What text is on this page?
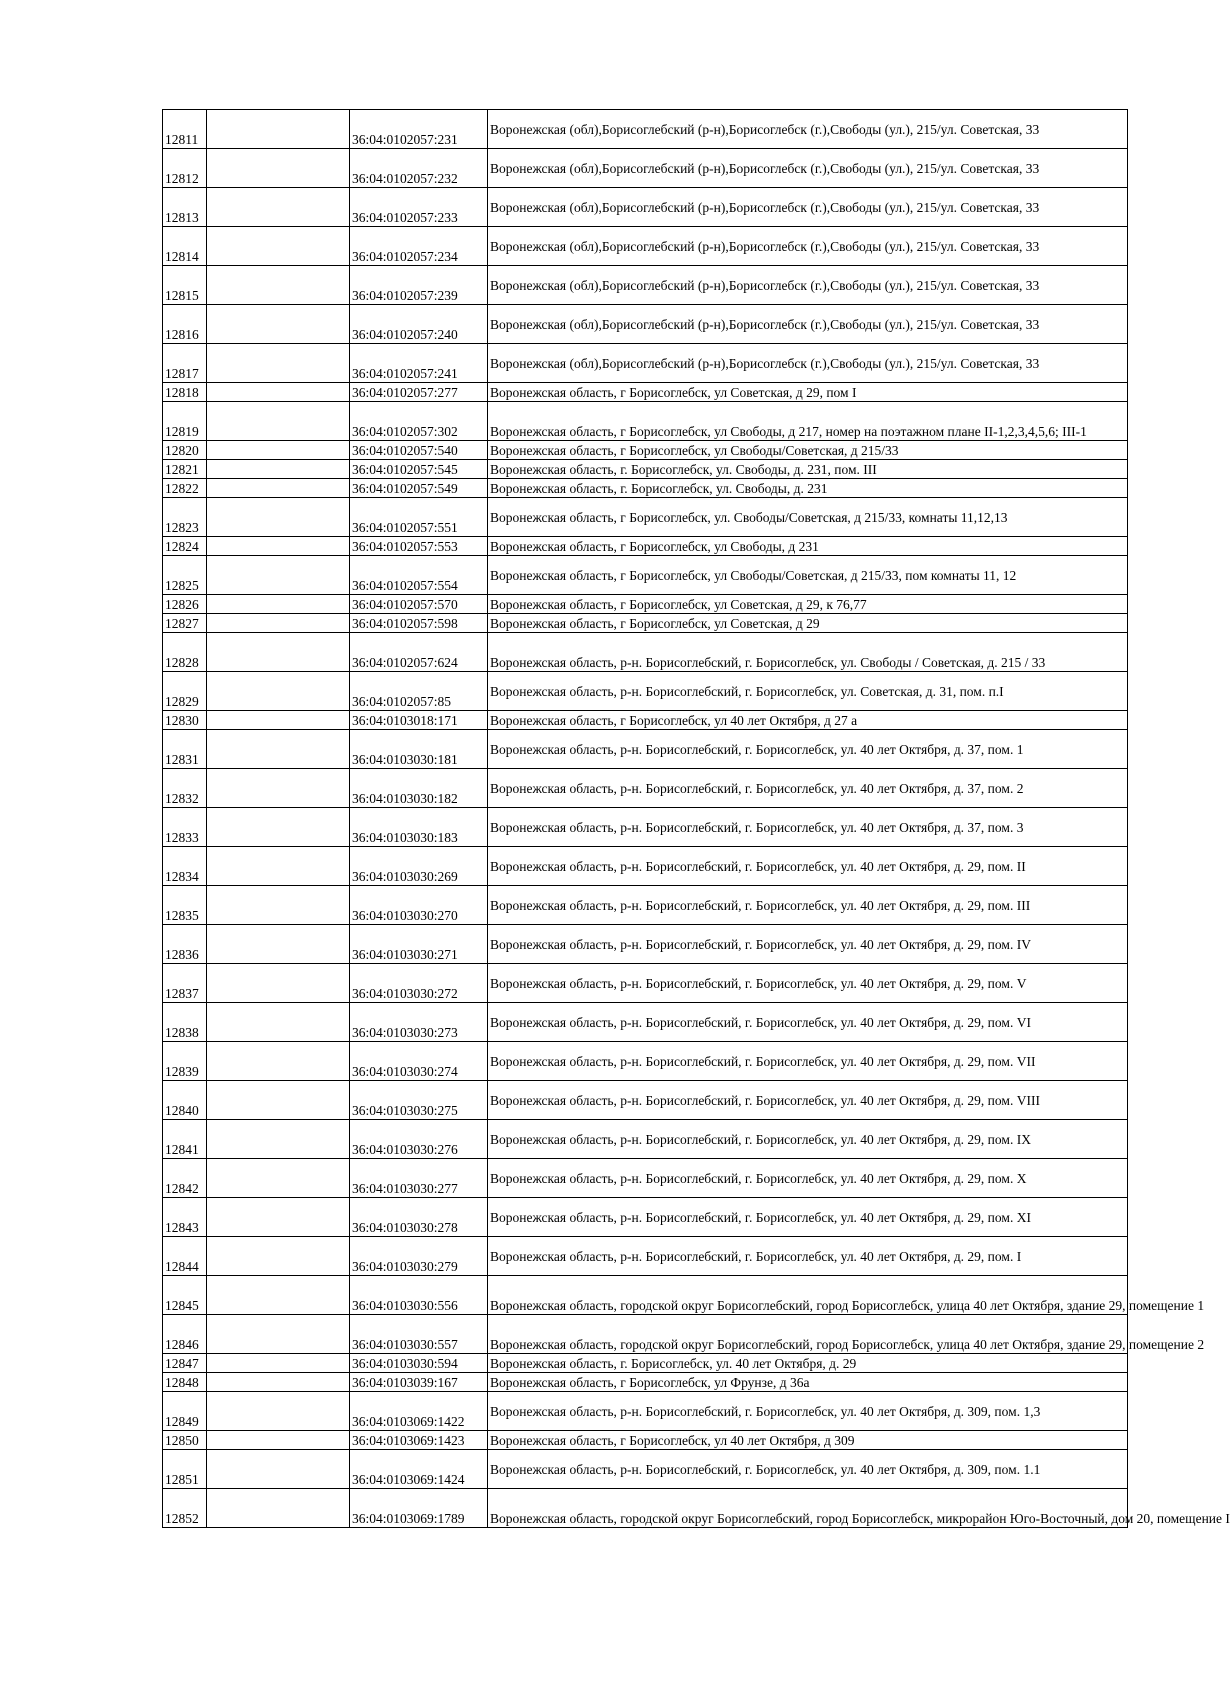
12811		36:04:0102057:231	Воронежская (обл),Борисоглебский (р-н),Борисоглебск (г.),Свободы (ул.), 215/ул. Советская, 33
12812		36:04:0102057:232	Воронежская (обл),Борисоглебский (р-н),Борисоглебск (г.),Свободы (ул.), 215/ул. Советская, 33
12813		36:04:0102057:233	Воронежская (обл),Борисоглебский (р-н),Борисоглебск (г.),Свободы (ул.), 215/ул. Советская, 33
12814		36:04:0102057:234	Воронежская (обл),Борисоглебский (р-н),Борисоглебск (г.),Свободы (ул.), 215/ул. Советская, 33
12815		36:04:0102057:239	Воронежская (обл),Борисоглебский (р-н),Борисоглебск (г.),Свободы (ул.), 215/ул. Советская, 33
12816		36:04:0102057:240	Воронежская (обл),Борисоглебский (р-н),Борисоглебск (г.),Свободы (ул.), 215/ул. Советская, 33
12817		36:04:0102057:241	Воронежская (обл),Борисоглебский (р-н),Борисоглебск (г.),Свободы (ул.), 215/ул. Советская, 33
12818		36:04:0102057:277	Воронежская область, г Борисоглебск, ул Советская, д 29, пом I
12819		36:04:0102057:302	Воронежская область, г Борисоглебск, ул Свободы, д 217, номер на поэтажном плане II-1,2,3,4,5,6; III-1
12820		36:04:0102057:540	Воронежская область, г Борисоглебск, ул Свободы/Советская, д 215/33
12821		36:04:0102057:545	Воронежская область, г. Борисоглебск, ул. Свободы, д. 231, пом. III
12822		36:04:0102057:549	Воронежская область, г. Борисоглебск, ул. Свободы, д. 231
12823		36:04:0102057:551	Воронежская область, г Борисоглебск, ул. Свободы/Советская, д 215/33, комнаты 11,12,13
12824		36:04:0102057:553	Воронежская область, г Борисоглебск, ул Свободы, д 231
12825		36:04:0102057:554	Воронежская область, г Борисоглебск, ул Свободы/Советская, д 215/33, пом комнаты 11, 12
12826		36:04:0102057:570	Воронежская область, г Борисоглебск, ул Советская, д 29, к 76,77
12827		36:04:0102057:598	Воронежская область, г Борисоглебск, ул Советская, д 29
12828		36:04:0102057:624	Воронежская область, р-н. Борисоглебский, г. Борисоглебск, ул. Свободы / Советская, д. 215 / 33
12829		36:04:0102057:85	Воронежская область, р-н. Борисоглебский, г. Борисоглебск, ул. Советская, д. 31, пом. п.I
12830		36:04:0103018:171	Воронежская область, г Борисоглебск, ул 40 лет Октября, д 27 а
12831		36:04:0103030:181	Воронежская область, р-н. Борисоглебский, г. Борисоглебск, ул. 40 лет Октября, д. 37, пом. 1
12832		36:04:0103030:182	Воронежская область, р-н. Борисоглебский, г. Борисоглебск, ул. 40 лет Октября, д. 37, пом. 2
12833		36:04:0103030:183	Воронежская область, р-н. Борисоглебский, г. Борисоглебск, ул. 40 лет Октября, д. 37, пом. 3
12834		36:04:0103030:269	Воронежская область, р-н. Борисоглебский, г. Борисоглебск, ул. 40 лет Октября, д. 29, пом. II
12835		36:04:0103030:270	Воронежская область, р-н. Борисоглебский, г. Борисоглебск, ул. 40 лет Октября, д. 29, пом. III
12836		36:04:0103030:271	Воронежская область, р-н. Борисоглебский, г. Борисоглебск, ул. 40 лет Октября, д. 29, пом. IV
12837		36:04:0103030:272	Воронежская область, р-н. Борисоглебский, г. Борисоглебск, ул. 40 лет Октября, д. 29, пом. V
12838		36:04:0103030:273	Воронежская область, р-н. Борисоглебский, г. Борисоглебск, ул. 40 лет Октября, д. 29, пом. VI
12839		36:04:0103030:274	Воронежская область, р-н. Борисоглебский, г. Борисоглебск, ул. 40 лет Октября, д. 29, пом. VII
12840		36:04:0103030:275	Воронежская область, р-н. Борисоглебский, г. Борисоглебск, ул. 40 лет Октября, д. 29, пом. VIII
12841		36:04:0103030:276	Воронежская область, р-н. Борисоглебский, г. Борисоглебск, ул. 40 лет Октября, д. 29, пом. IX
12842		36:04:0103030:277	Воронежская область, р-н. Борисоглебский, г. Борисоглебск, ул. 40 лет Октября, д. 29, пом. X
12843		36:04:0103030:278	Воронежская область, р-н. Борисоглебский, г. Борисоглебск, ул. 40 лет Октября, д. 29, пом. XI
12844		36:04:0103030:279	Воронежская область, р-н. Борисоглебский, г. Борисоглебск, ул. 40 лет Октября, д. 29, пом. I
12845		36:04:0103030:556	Воронежская область, городской округ Борисоглебский, город Борисоглебск, улица 40 лет Октября, здание 29, помещение 1
12846		36:04:0103030:557	Воронежская область, городской округ Борисоглебский, город Борисоглебск, улица 40 лет Октября, здание 29, помещение 2
12847		36:04:0103030:594	Воронежская область, г. Борисоглебск, ул. 40 лет Октября, д. 29
12848		36:04:0103039:167	Воронежская область, г Борисоглебск, ул Фрунзе, д 36а
12849		36:04:0103069:1422	Воронежская область, р-н. Борисоглебский, г. Борисоглебск, ул. 40 лет Октября, д. 309, пом. 1,3
12850		36:04:0103069:1423	Воронежская область, г Борисоглебск, ул 40 лет Октября, д 309
12851		36:04:0103069:1424	Воронежская область, р-н. Борисоглебский, г. Борисоглебск, ул. 40 лет Октября, д. 309, пом. 1.1
12852		36:04:0103069:1789	Воронежская область, городской округ Борисоглебский, город Борисоглебск, микрорайон Юго-Восточный, дом 20, помещение I
